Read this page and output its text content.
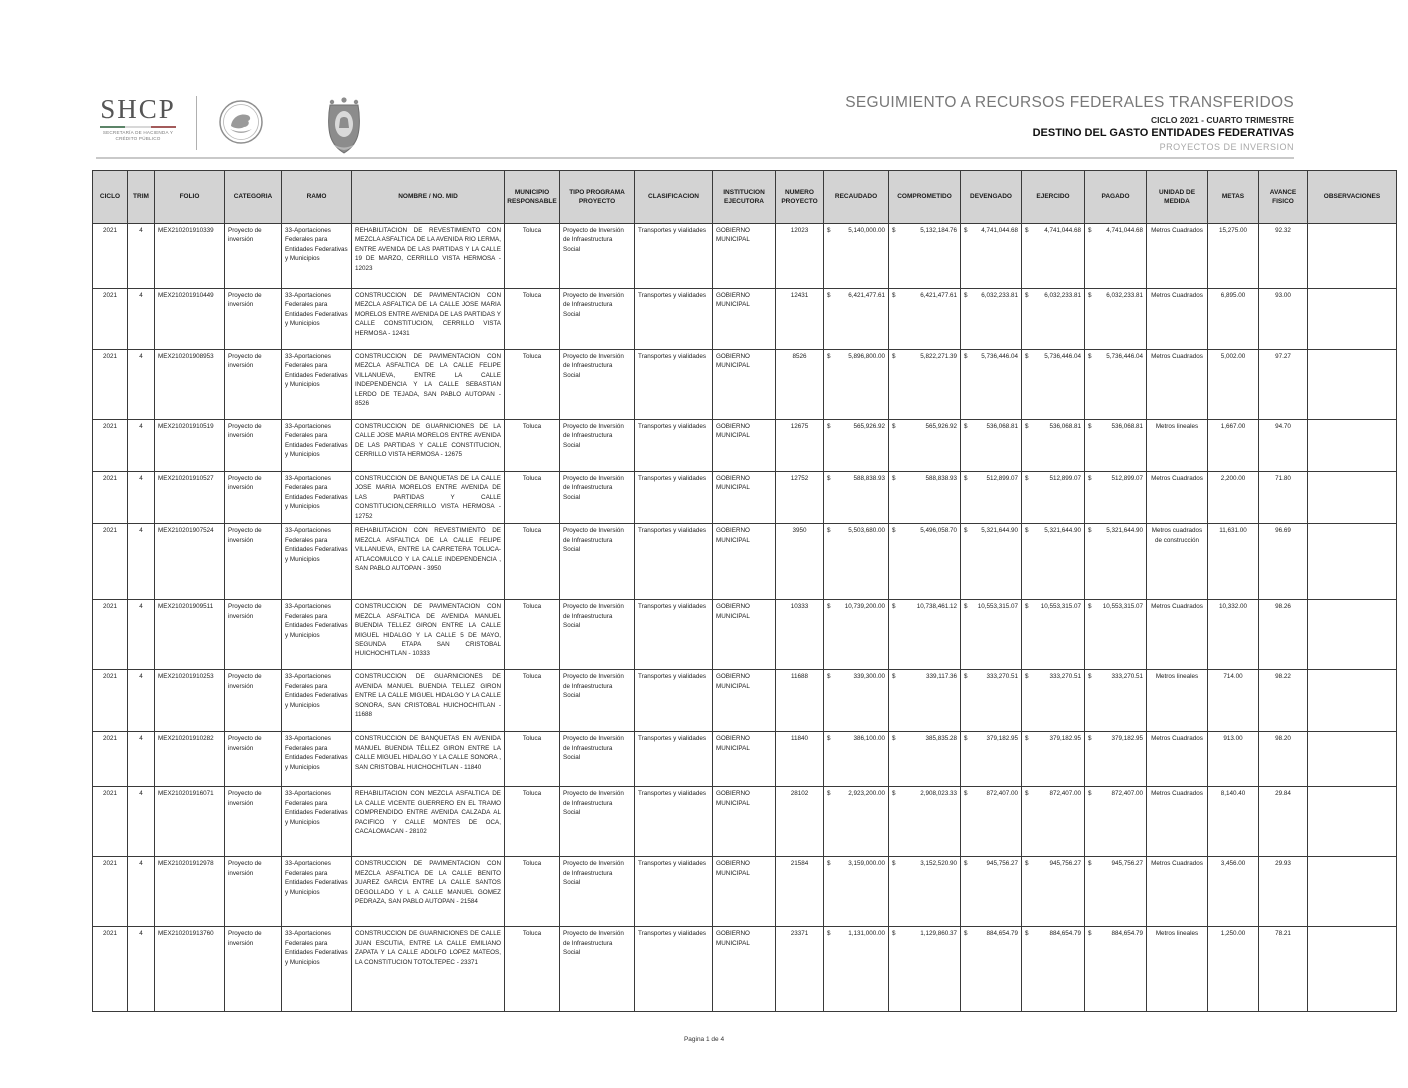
SHCP
SECRETARÍA DE HACIENDA Y CRÉDITO PÚBLICO
SEGUIMIENTO A RECURSOS FEDERALES TRANSFERIDOS
CICLO 2021 - CUARTO TRIMESTRE
DESTINO DEL GASTO ENTIDADES FEDERATIVAS
PROYECTOS DE INVERSION
CICLO	TRIM	FOLIO	CATEGORIA	RAMO	NOMBRE / NO. MID	MUNICIPIO RESPONSABLE	TIPO PROGRAMA PROYECTO	CLASIFICACION	INSTITUCION EJECUTORA	NUMERO PROYECTO	RECAUDADO	COMPROMETIDO	DEVENGADO	EJERCIDO	PAGADO	UNIDAD DE MEDIDA	METAS	AVANCE FISICO	OBSERVACIONES
2021	4	MEX210201910339	Proyecto de inversión	33-Aportaciones Federales para Entidades Federativas y Municipios	REHABILITACION DE REVESTIMIENTO CON MEZCLA ASFALTICA DE LA AVENIDA RIO LERMA, ENTRE AVENIDA DE LAS PARTIDAS Y LA CALLE 19 DE MARZO, CERRILLO VISTA HERMOSA - 12023	Toluca	Proyecto de Inversión de Infraestructura Social	Transportes y vialidades	GOBIERNO MUNICIPAL	12023	$ 5,140,000.00	$ 5,132,184.76	$ 4,741,044.68	$ 4,741,044.68	$ 4,741,044.68	Metros Cuadrados	15,275.00	92.32	
2021	4	MEX210201910449	Proyecto de inversión	33-Aportaciones Federales para Entidades Federativas y Municipios	CONSTRUCCION DE PAVIMENTACION CON MEZCLA ASFALTICA DE LA CALLE JOSE MARIA MORELOS ENTRE AVENIDA DE LAS PARTIDAS Y CALLE CONSTITUCION, CERRILLO VISTA HERMOSA - 12431	Toluca	Proyecto de Inversión de Infraestructura Social	Transportes y vialidades	GOBIERNO MUNICIPAL	12431	$ 6,421,477.61	$ 6,421,477.61	$ 6,032,233.81	$ 6,032,233.81	$ 6,032,233.81	Metros Cuadrados	6,895.00	93.00	
2021	4	MEX210201908953	Proyecto de inversión	33-Aportaciones Federales para Entidades Federativas y Municipios	CONSTRUCCION DE PAVIMENTACION CON MEZCLA ASFALTICA DE LA CALLE FELIPE VILLANUEVA, ENTRE LA CALLE INDEPENDENCIA Y LA CALLE SEBASTIAN LERDO DE TEJADA, SAN PABLO AUTOPAN - 8526	Toluca	Proyecto de Inversión de Infraestructura Social	Transportes y vialidades	GOBIERNO MUNICIPAL	8526	$ 5,896,800.00	$ 5,822,271.39	$ 5,736,446.04	$ 5,736,446.04	$ 5,736,446.04	Metros Cuadrados	5,002.00	97.27	
2021	4	MEX210201910519	Proyecto de inversión	33-Aportaciones Federales para Entidades Federativas y Municipios	CONSTRUCCION DE GUARNICIONES DE LA CALLE JOSE MARIA MORELOS ENTRE AVENIDA DE LAS PARTIDAS Y CALLE CONSTITUCION, CERRILLO VISTA HERMOSA - 12675	Toluca	Proyecto de Inversión de Infraestructura Social	Transportes y vialidades	GOBIERNO MUNICIPAL	12675	$ 565,926.92	$ 565,926.92	$ 536,068.81	$ 536,068.81	$ 536,068.81	Metros lineales	1,667.00	94.70	
2021	4	MEX210201910527	Proyecto de inversión	33-Aportaciones Federales para Entidades Federativas y Municipios	CONSTRUCCION DE BANQUETAS DE LA CALLE JOSE MARIA MORELOS ENTRE AVENIDA DE LAS PARTIDAS Y CALLE CONSTITUCION,CERRILLO VISTA HERMOSA - 12752	Toluca	Proyecto de Inversión de Infraestructura Social	Transportes y vialidades	GOBIERNO MUNICIPAL	12752	$ 588,838.93	$ 588,838.93	$ 512,899.07	$ 512,899.07	$ 512,899.07	Metros Cuadrados	2,200.00	71.80	
2021	4	MEX210201907524	Proyecto de inversión	33-Aportaciones Federales para Entidades Federativas y Municipios	REHABILITACION CON REVESTIMIENTO DE MEZCLA ASFALTICA DE LA CALLE FELIPE VILLANUEVA, ENTRE LA CARRETERA TOLUCA- ATLACOMULCO Y LA CALLE INDEPENDENCIA , SAN PABLO AUTOPAN - 3950	Toluca	Proyecto de Inversión de Infraestructura Social	Transportes y vialidades	GOBIERNO MUNICIPAL	3950	$ 5,503,680.00	$ 5,496,058.70	$ 5,321,644.90	$ 5,321,644.90	$ 5,321,644.90	Metros cuadrados de construcción	11,631.00	96.69	
2021	4	MEX210201909511	Proyecto de inversión	33-Aportaciones Federales para Entidades Federativas y Municipios	CONSTRUCCION DE PAVIMENTACION CON MEZCLA ASFALTICA DE AVENIDA MANUEL BUENDIA TELLEZ GIRON ENTRE LA CALLE MIGUEL HIDALGO Y LA CALLE 5 DE MAYO, SEGUNDA ETAPA SAN CRISTOBAL HUICHOCHITLAN - 10333	Toluca	Proyecto de Inversión de Infraestructura Social	Transportes y vialidades	GOBIERNO MUNICIPAL	10333	$ 10,739,200.00	$ 10,738,461.12	$ 10,553,315.07	$ 10,553,315.07	$ 10,553,315.07	Metros Cuadrados	10,332.00	98.26	
2021	4	MEX210201910253	Proyecto de inversión	33-Aportaciones Federales para Entidades Federativas y Municipios	CONSTRUCCION DE GUARNICIONES DE AVENIDA MANUEL BUENDIA TELLEZ GIRON ENTRE LA CALLE MIGUEL HIDALGO Y LA CALLE SONORA, SAN CRISTOBAL HUICHOCHITLAN - 11688	Toluca	Proyecto de Inversión de Infraestructura Social	Transportes y vialidades	GOBIERNO MUNICIPAL	11688	$ 339,300.00	$ 339,117.36	$ 333,270.51	$ 333,270.51	$ 333,270.51	Metros lineales	714.00	98.22	
2021	4	MEX210201910282	Proyecto de inversión	33-Aportaciones Federales para Entidades Federativas y Municipios	CONSTRUCCION DE BANQUETAS EN AVENIDA MANUEL BUENDIA TÉLLEZ GIRON ENTRE LA CALLE MIGUEL HIDALGO Y LA CALLE SONORA , SAN CRISTOBAL HUICHOCHITLAN - 11840	Toluca	Proyecto de Inversión de Infraestructura Social	Transportes y vialidades	GOBIERNO MUNICIPAL	11840	$ 386,100.00	$ 385,835.28	$ 379,182.95	$ 379,182.95	$ 379,182.95	Metros Cuadrados	913.00	98.20	
2021	4	MEX210201916071	Proyecto de inversión	33-Aportaciones Federales para Entidades Federativas y Municipios	REHABILITACION CON MEZCLA ASFALTICA DE LA CALLE VICENTE GUERRERO EN EL TRAMO COMPRENDIDO ENTRE AVENIDA CALZADA AL PACIFICO Y CALLE MONTES DE OCA, CACALOMACAN - 28102	Toluca	Proyecto de Inversión de Infraestructura Social	Transportes y vialidades	GOBIERNO MUNICIPAL	28102	$ 2,923,200.00	$ 2,908,023.33	$ 872,407.00	$ 872,407.00	$ 872,407.00	Metros Cuadrados	8,140.40	29.84	
2021	4	MEX210201912978	Proyecto de inversión	33-Aportaciones Federales para Entidades Federativas y Municipios	CONSTRUCCION DE PAVIMENTACION CON MEZCLA ASFALTICA DE LA CALLE BENITO JUAREZ GARCIA ENTRE LA CALLE SANTOS DEGOLLADO Y L A CALLE MANUEL GOMEZ PEDRAZA, SAN PABLO AUTOPAN - 21584	Toluca	Proyecto de Inversión de Infraestructura Social	Transportes y vialidades	GOBIERNO MUNICIPAL	21584	$ 3,159,000.00	$ 3,152,520.90	$ 945,756.27	$ 945,756.27	$ 945,756.27	Metros Cuadrados	3,456.00	29.93	
2021	4	MEX210201913760	Proyecto de inversión	33-Aportaciones Federales para Entidades Federativas y Municipios	CONSTRUCCION DE GUARNICIONES DE CALLE JUAN ESCUTIA, ENTRE LA CALLE EMILIANO ZAPATA Y LA CALLE ADOLFO LOPEZ MATEOS, LA CONSTITUCION TOTOLTEPEC - 23371	Toluca	Proyecto de Inversión de Infraestructura Social	Transportes y vialidades	GOBIERNO MUNICIPAL	23371	$ 1,131,000.00	$ 1,129,860.37	$ 884,654.79	$ 884,654.79	$ 884,654.79	Metros lineales	1,250.00	78.21	
Pagina 1 de 4
